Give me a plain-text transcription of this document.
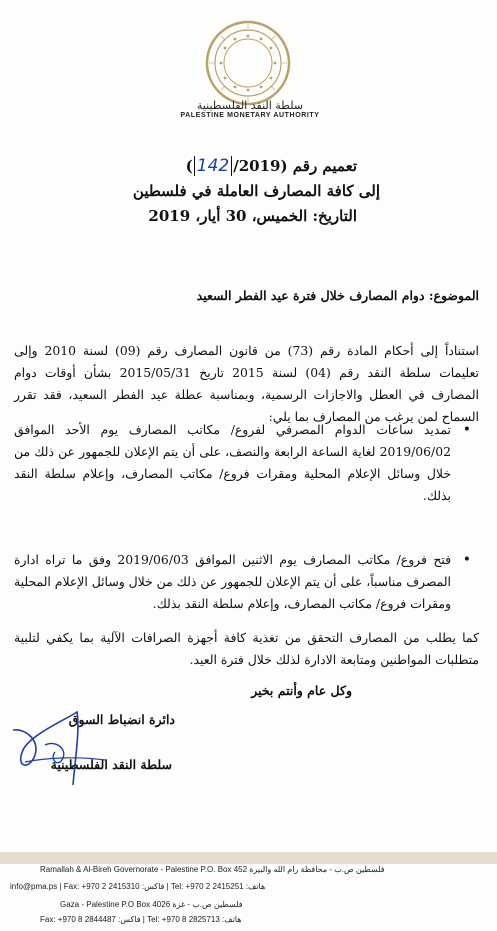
سلطة النقد الفلسطينية
PALESTINE MONETARY AUTHORITY
تعميم رقم (142/2019)
إلى كافة المصارف العاملة في فلسطين
التاريخ: الخميس، 30 أيار، 2019
الموضوع: دوام المصارف خلال فترة عيد الفطر السعيد
استناداً إلى أحكام المادة رقم (73) من قانون المصارف رقم (09) لسنة 2010 وإلى تعليمات سلطة النقد رقم (04) لسنة 2015 تاريخ 2015/05/31 بشأن أوقات دوام المصارف في العطل والاجازات الرسمية، وبمناسبة عطلة عيد الفطر السعيد، فقد تقرر السماح لمن يرغب من المصارف بما يلي:
•
تمديد ساعات الدوام المصرفي لفروع/ مكاتب المصارف يوم الأحد الموافق 2019/06/02 لغاية الساعة الرابعة والنصف، على أن يتم الإعلان للجمهور عن ذلك من خلال وسائل الإعلام المحلية ومقرات فروع/ مكاتب المصارف، وإعلام سلطة النقد بذلك.
•
فتح فروع/ مكاتب المصارف يوم الاثنين الموافق 2019/06/03 وفق ما تراه ادارة المصرف مناسباً، على أن يتم الإعلان للجمهور عن ذلك من خلال وسائل الإعلام المحلية ومقرات فروع/ مكاتب المصارف، وإعلام سلطة النقد بذلك.
كما يطلب من المصارف التحقق من تغذية كافة أجهزة الصرافات الآلية بما يكفي لتلبية متطلبات المواطنين ومتابعة الادارة لذلك خلال فترة العيد.
وكل عام وأنتم بخير
دائرة انضباط السوق
سلطة النقد الفلسطينية
Ramallah & Al-Bireh Governorate - Palestine P.O. Box 452 فلسطين ص.ب - محافظة رام الله والبيرة
info@pma.ps | Fax: +970 2 2415310 :فاكس | Tel: +970 2 2415251 :هاتف
Gaza - Palestine P.O Box 4026 فلسطين ص.ب - غزة
Fax: +970 8 2844487 :فاكس | Tel: +970 8 2825713 :هاتف
